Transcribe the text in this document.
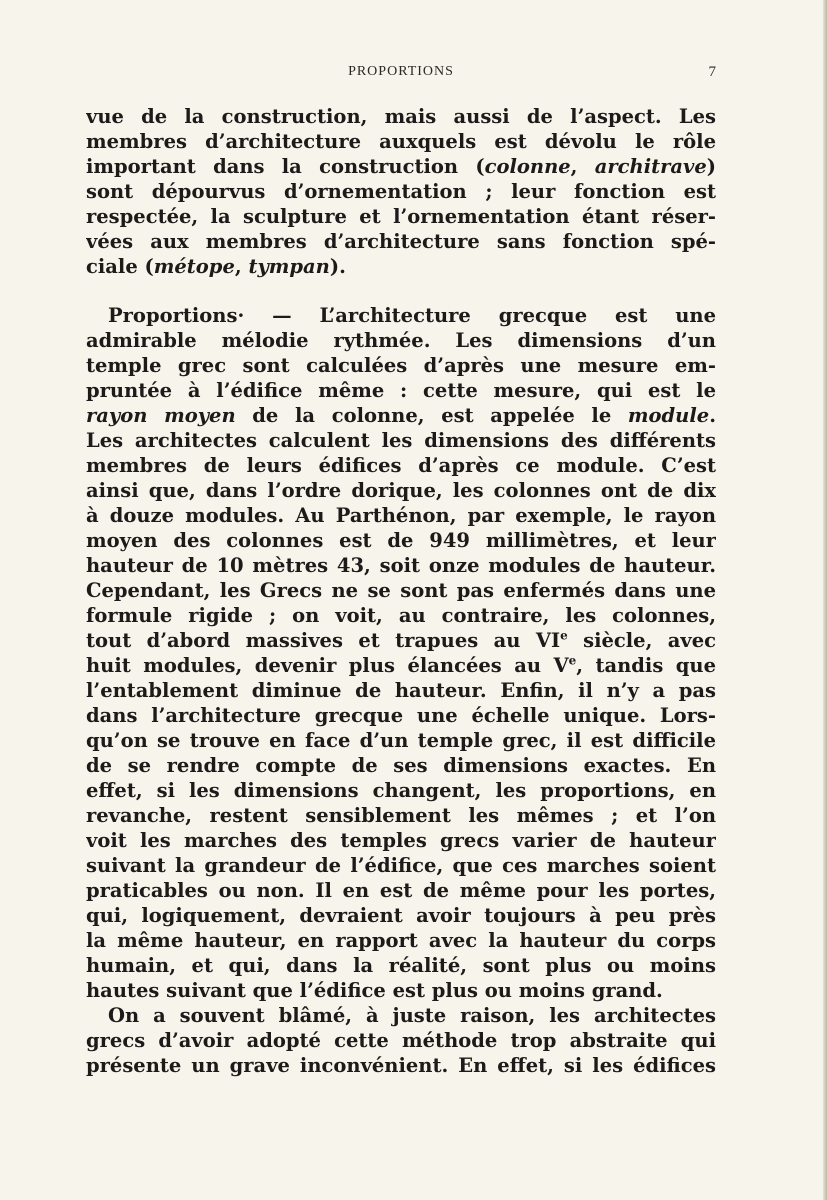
PROPORTIONS	7
vue de la construction, mais aussi de l’aspect. Les
membres d’architecture auxquels est dévolu le rôle
important dans la construction (colonne, architrave)
sont dépourvus d’ornementation ; leur fonction est
respectée, la sculpture et l’ornementation étant réser-
vées aux membres d’architecture sans fonction spé-
ciale (métope, tympan).
Proportions· — L’architecture grecque est une
admirable mélodie rythmée. Les dimensions d’un
temple grec sont calculées d’après une mesure em-
pruntée à l’édifice même : cette mesure, qui est le
rayon moyen de la colonne, est appelée le module.
Les architectes calculent les dimensions des différents
membres de leurs édifices d’après ce module. C’est
ainsi que, dans l’ordre dorique, les colonnes ont de dix
à douze modules. Au Parthénon, par exemple, le rayon
moyen des colonnes est de 949 millimètres, et leur
hauteur de 10 mètres 43, soit onze modules de hauteur.
Cependant, les Grecs ne se sont pas enfermés dans une
formule rigide ; on voit, au contraire, les colonnes,
tout d’abord massives et trapues au VIe siècle, avec
huit modules, devenir plus élancées au Ve, tandis que
l’entablement diminue de hauteur. Enfin, il n’y a pas
dans l’architecture grecque une échelle unique. Lors-
qu’on se trouve en face d’un temple grec, il est difficile
de se rendre compte de ses dimensions exactes. En
effet, si les dimensions changent, les proportions, en
revanche, restent sensiblement les mêmes ; et l’on
voit les marches des temples grecs varier de hauteur
suivant la grandeur de l’édifice, que ces marches soient
praticables ou non. Il en est de même pour les portes,
qui, logiquement, devraient avoir toujours à peu près
la même hauteur, en rapport avec la hauteur du corps
humain, et qui, dans la réalité, sont plus ou moins
hautes suivant que l’édifice est plus ou moins grand.
On a souvent blâmé, à juste raison, les architectes
grecs d’avoir adopté cette méthode trop abstraite qui
présente un grave inconvénient. En effet, si les édifices
